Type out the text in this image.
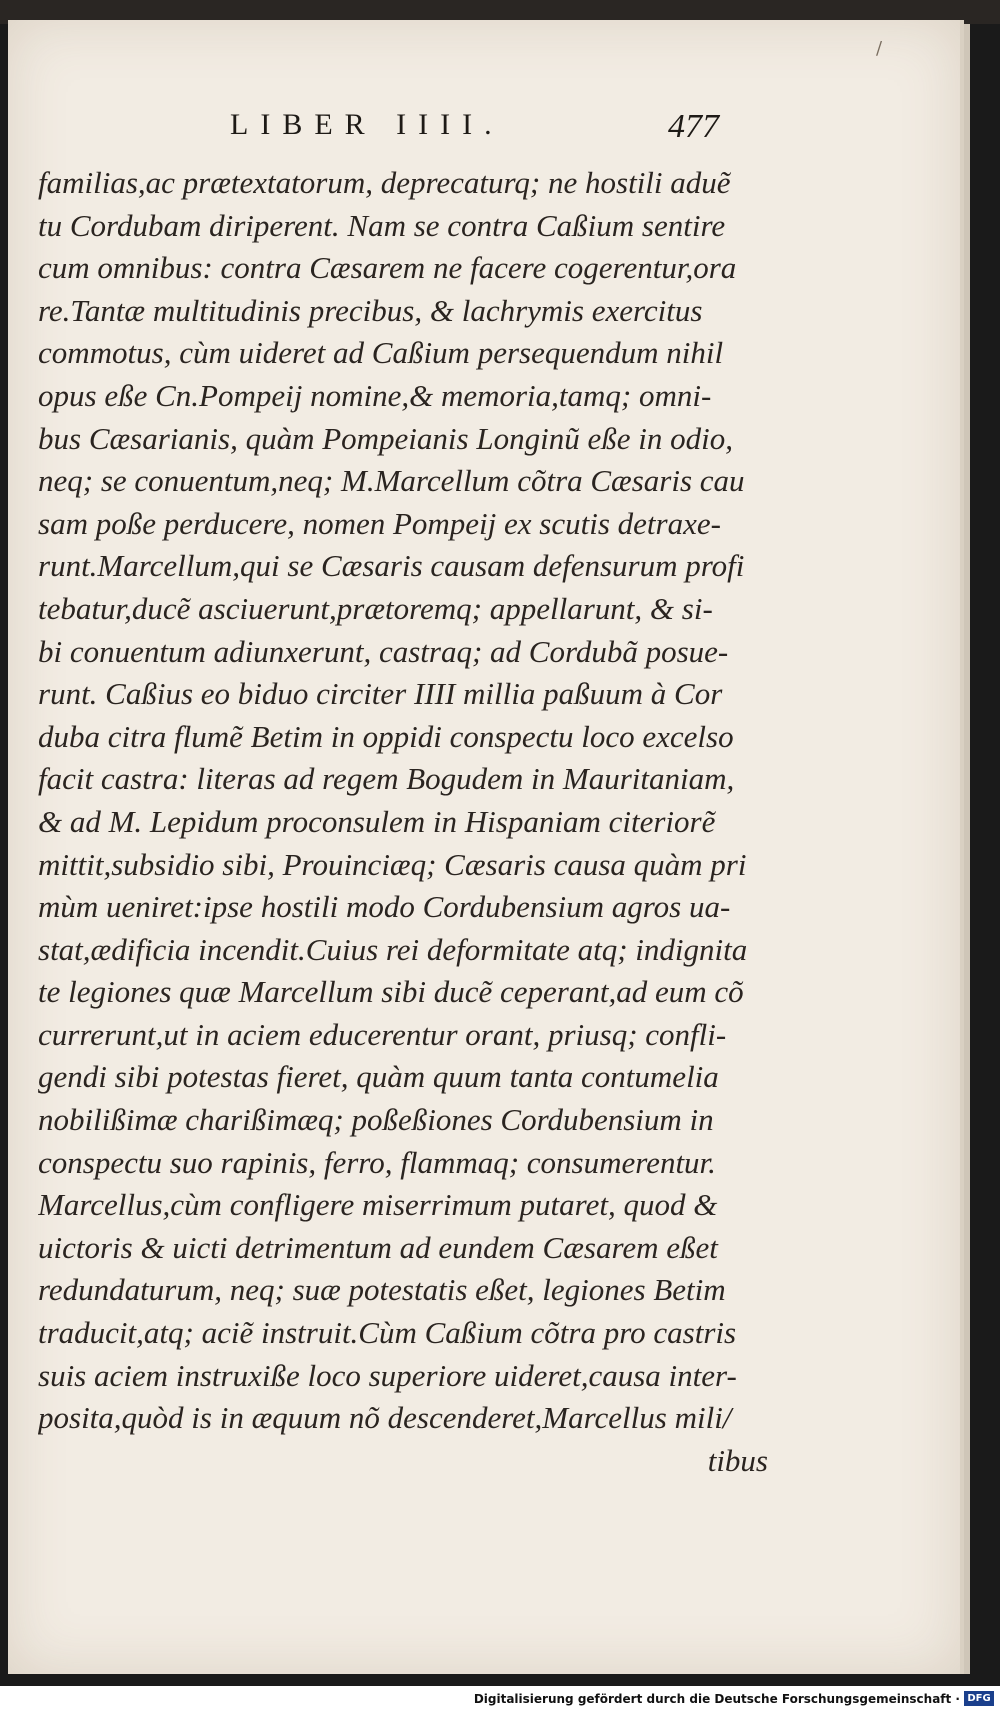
/
LIBER IIII.	477
familias,ac prætextatorum, deprecaturq; ne hostili aduẽ
tu Cordubam diriperent. Nam se contra Caßium sentire
cum omnibus: contra Cæsarem ne facere cogerentur,ora
re.Tantæ multitudinis precibus, & lachrymis exercitus
commotus, cùm uideret ad Caßium persequendum nihil
opus eße Cn.Pompeij nomine,& memoria,tamq; omni-
bus Cæsarianis, quàm Pompeianis Longinũ eße in odio,
neq; se conuentum,neq; M.Marcellum cõtra Cæsaris cau
sam poße perducere, nomen Pompeij ex scutis detraxe-
runt.Marcellum,qui se Cæsaris causam defensurum profi
tebatur,ducẽ asciuerunt,prætoremq; appellarunt, & si-
bi conuentum adiunxerunt, castraq; ad Cordubã posue-
runt. Caßius eo biduo circiter IIII millia paßuum à Cor
duba citra flumẽ Betim in oppidi conspectu loco excelso
facit castra: literas ad regem Bogudem in Mauritaniam,
& ad M. Lepidum proconsulem in Hispaniam citeriorẽ
mittit,subsidio sibi, Prouinciæq; Cæsaris causa quàm pri
mùm ueniret:ipse hostili modo Cordubensium agros ua-
stat,ædificia incendit.Cuius rei deformitate atq; indignita
te legiones quæ Marcellum sibi ducẽ ceperant,ad eum cõ
currerunt,ut in aciem educerentur orant, priusq; confli-
gendi sibi potestas fieret, quàm quum tanta contumelia
nobilißimæ charißimæq; poßeßiones Cordubensium in
conspectu suo rapinis, ferro, flammaq; consumerentur.
Marcellus,cùm confligere miserrimum putaret, quod &
uictoris & uicti detrimentum ad eundem Cæsarem eßet
redundaturum, neq; suæ potestatis eßet, legiones Betim
traducit,atq; aciẽ instruit.Cùm Caßium cõtra pro castris
suis aciem instruxiße loco superiore uideret,causa inter-
posita,quòd is in æquum nõ descenderet,Marcellus mili/
tibus
Digitalisierung gefördert durch die Deutsche Forschungsgemeinschaft · DFG
